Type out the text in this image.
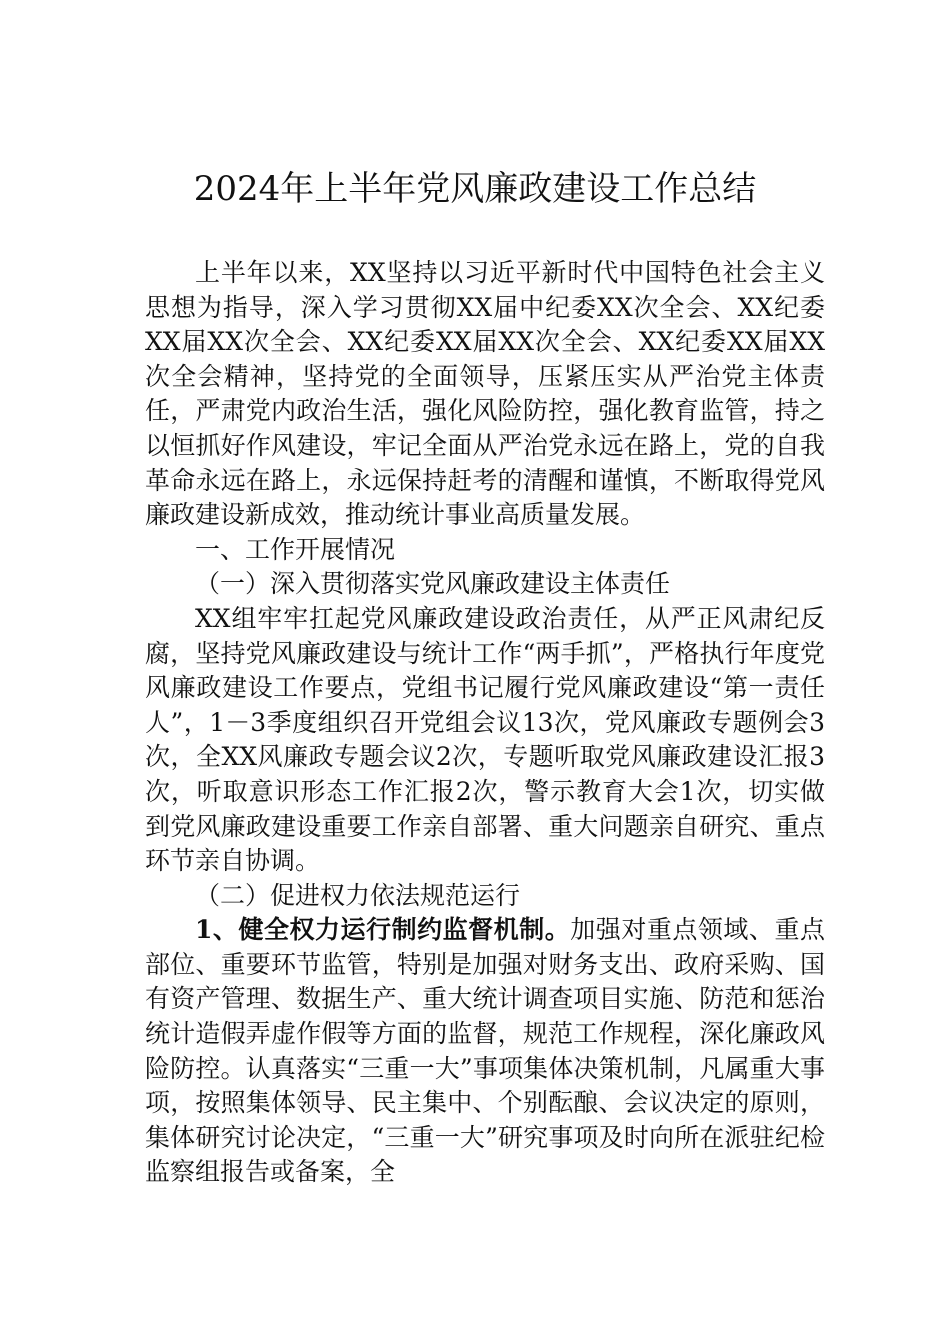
2024年上半年党风廉政建设工作总结

上半年以来，XX坚持以习近平新时代中国特色社会主义思想为指导，深入学习贯彻XX届中纪委XX次全会、XX纪委XX届XX次全会、XX纪委XX届XX次全会、XX纪委XX届XX次全会精神，坚持党的全面领导，压紧压实从严治党主体责任，严肃党内政治生活，强化风险防控，强化教育监管，持之以恒抓好作风建设，牢记全面从严治党永远在路上，党的自我革命永远在路上，永远保持赶考的清醒和谨慎，不断取得党风廉政建设新成效，推动统计事业高质量发展。

一、工作开展情况

（一）深入贯彻落实党风廉政建设主体责任

XX组牢牢扛起党风廉政建设政治责任，从严正风肃纪反腐，坚持党风廉政建设与统计工作“两手抓”，严格执行年度党风廉政建设工作要点，党组书记履行党风廉政建设“第一责任人”，1－3季度组织召开党组会议13次，党风廉政专题例会3次，全XX风廉政专题会议2次，专题听取党风廉政建设汇报3次，听取意识形态工作汇报2次，警示教育大会1次，切实做到党风廉政建设重要工作亲自部署、重大问题亲自研究、重点环节亲自协调。

（二）促进权力依法规范运行

1、健全权力运行制约监督机制。加强对重点领域、重点部位、重要环节监管，特别是加强对财务支出、政府采购、国有资产管理、数据生产、重大统计调查项目实施、防范和惩治统计造假弄虚作假等方面的监督，规范工作规程，深化廉政风险防控。认真落实“三重一大”事项集体决策机制，凡属重大事项，按照集体领导、民主集中、个别酝酿、会议决定的原则，集体研究讨论决定，“三重一大”研究事项及时向所在派驻纪检监察组报告或备案，全
